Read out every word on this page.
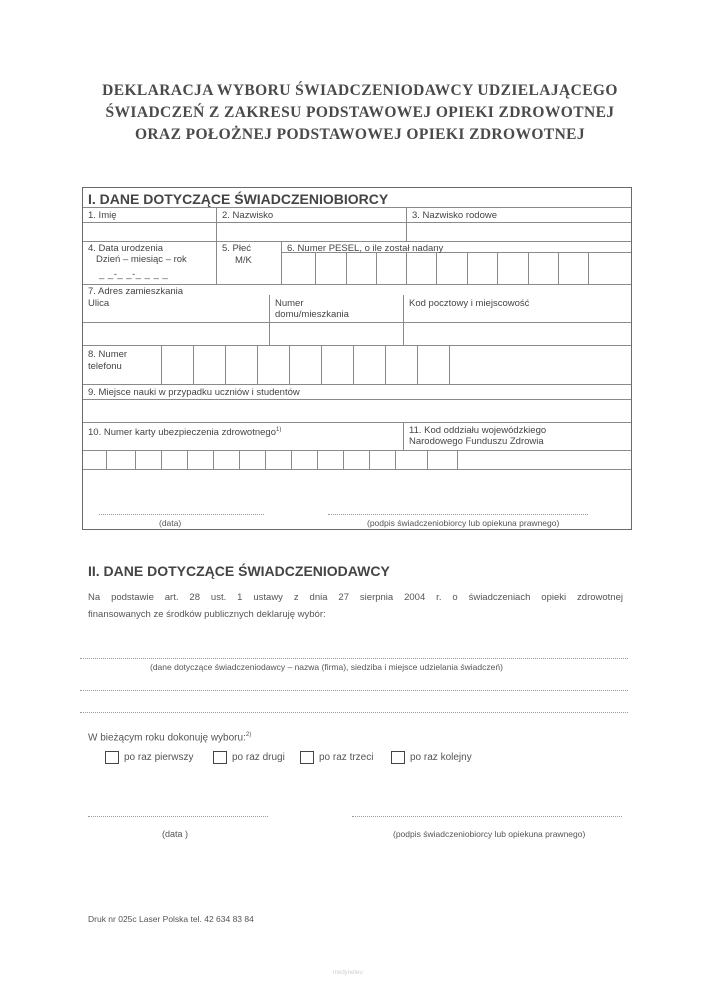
DEKLARACJA WYBORU ŚWIADCZENIODAWCY UDZIELAJĄCEGO
ŚWIADCZEŃ Z ZAKRESU PODSTAWOWEJ OPIEKI ZDROWOTNEJ
ORAZ POŁOŻNEJ PODSTAWOWEJ OPIEKI ZDROWOTNEJ
I. DANE DOTYCZĄCE ŚWIADCZENIOBIORCY
1. Imię	2. Nazwisko	3. Nazwisko rodowe
4. Data urodzenia
Dzień – miesiąc – rok
_ _-_ _-_ _ _ _
5. Płeć
M/K
6. Numer PESEL, o ile został nadany
7. Adres zamieszkania
Ulica	Numer
domu/mieszkania
Kod pocztowy i miejscowość
8. Numer
telefonu
9. Miejsce nauki w przypadku uczniów i studentów
10. Numer karty ubezpieczenia zdrowotnego$^{1)}$	11. Kod oddziału wojewódzkiego
Narodowego Funduszu Zdrowia
(data)	(podpis świadczeniobiorcy lub opiekuna prawnego)
II. DANE DOTYCZĄCE ŚWIADCZENIODAWCY
Na podstawie art. 28 ust. 1 ustawy z dnia 27 sierpnia 2004 r. o świadczeniach opieki zdrowotnej
finansowanych ze środków publicznych deklaruję wybór:
(dane dotyczące świadczeniodawcy – nazwa (firma), siedziba i miejsce udzielania świadczeń)
W bieżącym roku dokonuję wyboru:$^{2)}$
po raz pierwszy	po raz drugi	po raz trzeci	po raz kolejny
(data )	(podpis świadczeniobiorcy lub opiekuna prawnego)
Druk nr 025c Laser Polska tel. 42 634 83 84
medyneteu
